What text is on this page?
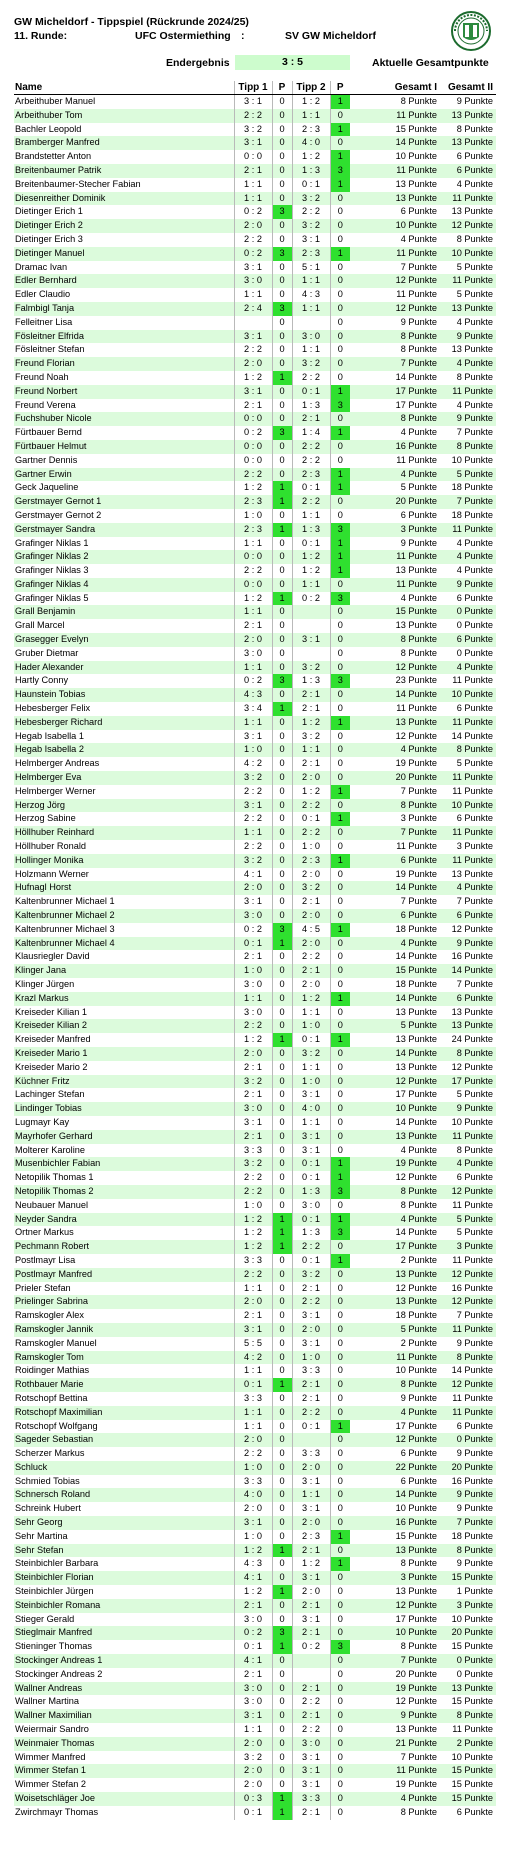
GW Micheldorf - Tippspiel (Rückrunde 2024/25)
11. Runde:	UFC Ostermiething :	SV GW Micheldorf
Endergebnis	3 : 5	Aktuelle Gesamtpunkte
Name	Tipp 1	P	Tipp 2	P	Gesamt I	Gesamt II
Arbeithuber Manuel	3 : 1	0	1 : 2	1	8 Punkte	9 Punkte
Arbeithuber Tom	2 : 2	0	1 : 1	0	11 Punkte	13 Punkte
Bachler Leopold	3 : 2	0	2 : 3	1	15 Punkte	8 Punkte
Bramberger Manfred	3 : 1	0	4 : 0	0	14 Punkte	13 Punkte
Brandstetter Anton	0 : 0	0	1 : 2	1	10 Punkte	6 Punkte
Breitenbaumer Patrik	2 : 1	0	1 : 3	3	11 Punkte	6 Punkte
Breitenbaumer-Stecher Fabian	1 : 1	0	0 : 1	1	13 Punkte	4 Punkte
Diesenreither Dominik	1 : 1	0	3 : 2	0	13 Punkte	11 Punkte
Dietinger Erich 1	0 : 2	3	2 : 2	0	6 Punkte	13 Punkte
Dietinger Erich 2	2 : 0	0	3 : 2	0	10 Punkte	12 Punkte
Dietinger Erich 3	2 : 2	0	3 : 1	0	4 Punkte	8 Punkte
Dietinger Manuel	0 : 2	3	2 : 3	1	11 Punkte	10 Punkte
Dramac Ivan	3 : 1	0	5 : 1	0	7 Punkte	5 Punkte
Edler Bernhard	3 : 0	0	1 : 1	0	12 Punkte	11 Punkte
Edler Claudio	1 : 1	0	4 : 3	0	11 Punkte	5 Punkte
Falmbigl Tanja	2 : 4	3	1 : 1	0	12 Punkte	13 Punkte
Felleitner Lisa		0		0	9 Punkte	4 Punkte
Fösleitner Elfrida	3 : 1	0	3 : 0	0	8 Punkte	9 Punkte
Fösleitner Stefan	2 : 2	0	1 : 1	0	8 Punkte	13 Punkte
Freund Florian	2 : 0	0	3 : 2	0	7 Punkte	4 Punkte
Freund Noah	1 : 2	1	2 : 2	0	14 Punkte	8 Punkte
Freund Norbert	3 : 1	0	0 : 1	1	17 Punkte	11 Punkte
Freund Verena	2 : 1	0	1 : 3	3	17 Punkte	4 Punkte
Fuchshuber Nicole	0 : 0	0	2 : 1	0	8 Punkte	9 Punkte
Fürtbauer Bernd	0 : 2	3	1 : 4	1	4 Punkte	7 Punkte
Fürtbauer Helmut	0 : 0	0	2 : 2	0	16 Punkte	8 Punkte
Gartner Dennis	0 : 0	0	2 : 2	0	11 Punkte	10 Punkte
Gartner Erwin	2 : 2	0	2 : 3	1	4 Punkte	5 Punkte
Geck Jaqueline	1 : 2	1	0 : 1	1	5 Punkte	18 Punkte
Gerstmayer Gernot 1	2 : 3	1	2 : 2	0	20 Punkte	7 Punkte
Gerstmayer Gernot 2	1 : 0	0	1 : 1	0	6 Punkte	18 Punkte
Gerstmayer Sandra	2 : 3	1	1 : 3	3	3 Punkte	11 Punkte
Grafinger Niklas 1	1 : 1	0	0 : 1	1	9 Punkte	4 Punkte
Grafinger Niklas 2	0 : 0	0	1 : 2	1	11 Punkte	4 Punkte
Grafinger Niklas 3	2 : 2	0	1 : 2	1	13 Punkte	4 Punkte
Grafinger Niklas 4	0 : 0	0	1 : 1	0	11 Punkte	9 Punkte
Grafinger Niklas 5	1 : 2	1	0 : 2	3	4 Punkte	6 Punkte
Grall Benjamin	1 : 1	0		0	15 Punkte	0 Punkte
Grall Marcel	2 : 1	0		0	13 Punkte	0 Punkte
Grasegger Evelyn	2 : 0	0	3 : 1	0	8 Punkte	6 Punkte
Gruber Dietmar	3 : 0	0		0	8 Punkte	0 Punkte
Hader Alexander	1 : 1	0	3 : 2	0	12 Punkte	4 Punkte
Hartly Conny	0 : 2	3	1 : 3	3	23 Punkte	11 Punkte
Haunstein Tobias	4 : 3	0	2 : 1	0	14 Punkte	10 Punkte
Hebesberger Felix	3 : 4	1	2 : 1	0	11 Punkte	6 Punkte
Hebesberger Richard	1 : 1	0	1 : 2	1	13 Punkte	11 Punkte
Hegab Isabella 1	3 : 1	0	3 : 2	0	12 Punkte	14 Punkte
Hegab Isabella 2	1 : 0	0	1 : 1	0	4 Punkte	8 Punkte
Helmberger Andreas	4 : 2	0	2 : 1	0	19 Punkte	5 Punkte
Helmberger Eva	3 : 2	0	2 : 0	0	20 Punkte	11 Punkte
Helmberger Werner	2 : 2	0	1 : 2	1	7 Punkte	11 Punkte
Herzog Jörg	3 : 1	0	2 : 2	0	8 Punkte	10 Punkte
Herzog Sabine	2 : 2	0	0 : 1	1	3 Punkte	6 Punkte
Höllhuber Reinhard	1 : 1	0	2 : 2	0	7 Punkte	11 Punkte
Höllhuber Ronald	2 : 2	0	1 : 0	0	11 Punkte	3 Punkte
Hollinger Monika	3 : 2	0	2 : 3	1	6 Punkte	11 Punkte
Holzmann Werner	4 : 1	0	2 : 0	0	19 Punkte	13 Punkte
Hufnagl Horst	2 : 0	0	3 : 2	0	14 Punkte	4 Punkte
Kaltenbrunner Michael 1	3 : 1	0	2 : 1	0	7 Punkte	7 Punkte
Kaltenbrunner Michael 2	3 : 0	0	2 : 0	0	6 Punkte	6 Punkte
Kaltenbrunner Michael 3	0 : 2	3	4 : 5	1	18 Punkte	12 Punkte
Kaltenbrunner Michael 4	0 : 1	1	2 : 0	0	4 Punkte	9 Punkte
Klausriegler David	2 : 1	0	2 : 2	0	14 Punkte	16 Punkte
Klinger Jana	1 : 0	0	2 : 1	0	15 Punkte	14 Punkte
Klinger Jürgen	3 : 0	0	2 : 0	0	18 Punkte	7 Punkte
Krazl Markus	1 : 1	0	1 : 2	1	14 Punkte	6 Punkte
Kreiseder Kilian 1	3 : 0	0	1 : 1	0	13 Punkte	13 Punkte
Kreiseder Kilian 2	2 : 2	0	1 : 0	0	5 Punkte	13 Punkte
Kreiseder Manfred	1 : 2	1	0 : 1	1	13 Punkte	24 Punkte
Kreiseder Mario 1	2 : 0	0	3 : 2	0	14 Punkte	8 Punkte
Kreiseder Mario 2	2 : 1	0	1 : 1	0	13 Punkte	12 Punkte
Küchner Fritz	3 : 2	0	1 : 0	0	12 Punkte	17 Punkte
Lachinger Stefan	2 : 1	0	3 : 1	0	17 Punkte	5 Punkte
Lindinger Tobias	3 : 0	0	4 : 0	0	10 Punkte	9 Punkte
Lugmayr Kay	3 : 1	0	1 : 1	0	14 Punkte	10 Punkte
Mayrhofer Gerhard	2 : 1	0	3 : 1	0	13 Punkte	11 Punkte
Molterer Karoline	3 : 3	0	3 : 1	0	4 Punkte	8 Punkte
Musenbichler Fabian	3 : 2	0	0 : 1	1	19 Punkte	4 Punkte
Netopilik Thomas 1	2 : 2	0	0 : 1	1	12 Punkte	6 Punkte
Netopilik Thomas 2	2 : 2	0	1 : 3	3	8 Punkte	12 Punkte
Neubauer Manuel	1 : 0	0	3 : 0	0	8 Punkte	11 Punkte
Neyder Sandra	1 : 2	1	0 : 1	1	4 Punkte	5 Punkte
Ortner Markus	1 : 2	1	1 : 3	3	14 Punkte	5 Punkte
Pechmann Robert	1 : 2	1	2 : 2	0	17 Punkte	3 Punkte
Postlmayr Lisa	3 : 3	0	0 : 1	1	2 Punkte	11 Punkte
Postlmayr Manfred	2 : 2	0	3 : 2	0	13 Punkte	12 Punkte
Prieler Stefan	1 : 1	0	2 : 1	0	12 Punkte	16 Punkte
Prielinger Sabrina	2 : 0	0	2 : 2	0	13 Punkte	12 Punkte
Ramskogler Alex	2 : 1	0	3 : 1	0	18 Punkte	7 Punkte
Ramskogler Jannik	3 : 1	0	2 : 0	0	5 Punkte	11 Punkte
Ramskogler Manuel	5 : 5	0	3 : 1	0	2 Punkte	9 Punkte
Ramskogler Tom	4 : 2	0	1 : 0	0	11 Punkte	8 Punkte
Roidinger Mathias	1 : 1	0	3 : 3	0	10 Punkte	14 Punkte
Rothbauer Marie	0 : 1	1	2 : 1	0	8 Punkte	12 Punkte
Rotschopf Bettina	3 : 3	0	2 : 1	0	9 Punkte	11 Punkte
Rotschopf Maximilian	1 : 1	0	2 : 2	0	4 Punkte	11 Punkte
Rotschopf Wolfgang	1 : 1	0	0 : 1	1	17 Punkte	6 Punkte
Sageder Sebastian	2 : 0	0		0	12 Punkte	0 Punkte
Scherzer Markus	2 : 2	0	3 : 3	0	6 Punkte	9 Punkte
Schluck	1 : 0	0	2 : 0	0	22 Punkte	20 Punkte
Schmied Tobias	3 : 3	0	3 : 1	0	6 Punkte	16 Punkte
Schnersch Roland	4 : 0	0	1 : 1	0	14 Punkte	9 Punkte
Schreink Hubert	2 : 0	0	3 : 1	0	10 Punkte	9 Punkte
Sehr Georg	3 : 1	0	2 : 0	0	16 Punkte	7 Punkte
Sehr Martina	1 : 0	0	2 : 3	1	15 Punkte	18 Punkte
Sehr Stefan	1 : 2	1	2 : 1	0	13 Punkte	8 Punkte
Steinbichler Barbara	4 : 3	0	1 : 2	1	8 Punkte	9 Punkte
Steinbichler Florian	4 : 1	0	3 : 1	0	3 Punkte	15 Punkte
Steinbichler Jürgen	1 : 2	1	2 : 0	0	13 Punkte	1 Punkte
Steinbichler Romana	2 : 1	0	2 : 1	0	12 Punkte	3 Punkte
Stieger Gerald	3 : 0	0	3 : 1	0	17 Punkte	10 Punkte
Stieglmair Manfred	0 : 2	3	2 : 1	0	10 Punkte	20 Punkte
Stieninger Thomas	0 : 1	1	0 : 2	3	8 Punkte	15 Punkte
Stockinger Andreas 1	4 : 1	0		0	7 Punkte	0 Punkte
Stockinger Andreas 2	2 : 1	0		0	20 Punkte	0 Punkte
Wallner Andreas	3 : 0	0	2 : 1	0	19 Punkte	13 Punkte
Wallner Martina	3 : 0	0	2 : 2	0	12 Punkte	15 Punkte
Wallner Maximilian	3 : 1	0	2 : 1	0	9 Punkte	8 Punkte
Weiermair Sandro	1 : 1	0	2 : 2	0	13 Punkte	11 Punkte
Weinmaier Thomas	2 : 0	0	3 : 0	0	21 Punkte	2 Punkte
Wimmer Manfred	3 : 2	0	3 : 1	0	7 Punkte	10 Punkte
Wimmer Stefan 1	2 : 0	0	3 : 1	0	11 Punkte	15 Punkte
Wimmer Stefan 2	2 : 0	0	3 : 1	0	19 Punkte	15 Punkte
Woisetschläger Joe	0 : 3	1	3 : 3	0	4 Punkte	15 Punkte
Zwirchmayr Thomas	0 : 1	1	2 : 1	0	8 Punkte	6 Punkte
